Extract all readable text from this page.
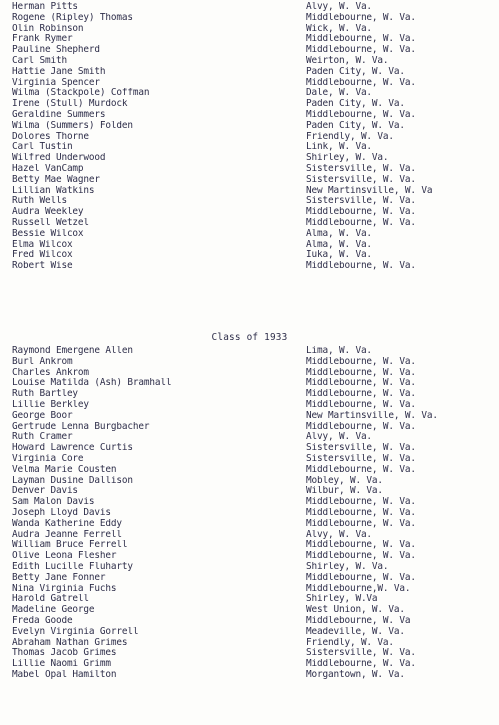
Herman Pitts
Rogene (Ripley) Thomas
Olin Robinson
Frank Rymer
Pauline Shepherd
Carl Smith
Hattie Jane Smith
Virginia Spencer
Wilma (Stackpole) Coffman
Irene (Stull) Murdock
Geraldine Summers
Wilma (Summers) Folden
Dolores Thorne
Carl Tustin
Wilfred Underwood
Hazel VanCamp
Betty Mae Wagner
Lillian Watkins
Ruth Wells
Audra Weekley
Russell Wetzel
Bessie Wilcox
Elma Wilcox
Fred Wilcox
Robert Wise
Alvy, W. Va.
Middlebourne, W. Va.
Wick, W. Va.
Middlebourne, W. Va.
Middlebourne, W. Va.
Weirton, W. Va.
Paden City, W. Va.
Middlebourne, W. Va.
Dale, W. Va.
Paden City, W. Va.
Middlebourne, W. Va.
Paden City, W. Va.
Friendly, W. Va.
Link, W. Va.
Shirley, W. Va.
Sistersville, W. Va.
Sistersville, W. Va.
New Martinsville, W. Va
Sistersville, W. Va.
Middlebourne, W. Va.
Middlebourne, W. Va.
Alma, W. Va.
Alma, W. Va.
Iuka, W. Va.
Middlebourne, W. Va.
Class of 1933
Raymond Emergene Allen
Burl Ankrom
Charles Ankrom
Louise Matilda (Ash) Bramhall
Ruth Bartley
Lillie Berkley
George Boor
Gertrude Lenna Burgbacher
Ruth Cramer
Howard Lawrence Curtis
Virginia Core
Velma Marie Cousten
Layman Dusine Dallison
Denver Davis
Sam Malon Davis
Joseph Lloyd Davis
Wanda Katherine Eddy
Audra Jeanne Ferrell
William Bruce Ferrell
Olive Leona Flesher
Edith Lucille Fluharty
Betty Jane Fonner
Nina Virginia Fuchs
Harold Gatrell
Madeline George
Freda Goode
Evelyn Virginia Gorrell
Abraham Nathan Grimes
Thomas Jacob Grimes
Lillie Naomi Grimm
Mabel Opal Hamilton
Lima, W. Va.
Middlebourne, W. Va.
Middlebourne, W. Va.
Middlebourne, W. Va.
Middlebourne, W. Va.
Middlebourne, W. Va.
New Martinsville, W. Va.
Middlebourne, W. Va.
Alvy, W. Va.
Sistersville, W. Va.
Sistersville, W. Va.
Middlebourne, W. Va.
Mobley, W. Va.
Wilbur, W. Va.
Middlebourne, W. Va.
Middlebourne, W. Va.
Middlebourne, W. Va.
Alvy, W. Va.
Middlebourne, W. Va.
Middlebourne, W. Va.
Shirley, W. Va.
Middlebourne, W. Va.
Middlebourne,W. Va.
Shirley, W.Va
West Union, W. Va.
Middlebourne, W. Va
Meadeville, W. Va.
Friendly, W. Va.
Sistersville, W. Va.
Middlebourne, W. Va.
Morgantown, W. Va.
